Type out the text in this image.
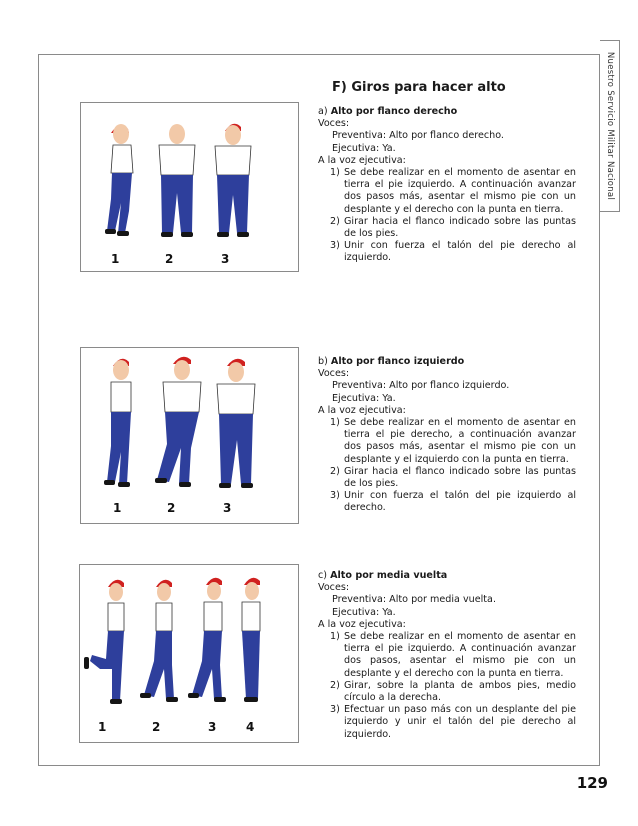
Nuestro Servicio Militar Nacional
F) Giros para hacer alto
1	2	3
a) Alto por flanco derecho
Voces:
Preventiva: Alto por flanco derecho.
Ejecutiva: Ya.
A la voz ejecutiva:
1) Se debe realizar en el momento de asentar en tierra el pie izquierdo. A continuación avanzar dos pasos más, asentar el mismo pie con un desplante y el derecho con la punta en tierra.
2) Girar hacia el flanco indicado sobre las puntas de los pies.
3) Unir con fuerza el talón del pie derecho al izquierdo.
1	2	3
b) Alto por flanco izquierdo
Voces:
Preventiva: Alto por flanco izquierdo.
Ejecutiva: Ya.
A la voz ejecutiva:
1) Se debe realizar en el momento de asentar en tierra el pie derecho, a continuación avanzar dos pasos más, asentar el mismo pie con un desplante y el izquierdo con la punta en tierra.
2) Girar hacia el flanco indicado sobre las puntas de los pies.
3) Unir con fuerza el talón del pie izquierdo al derecho.
1	2	3 4
c) Alto por media vuelta
Voces:
Preventiva: Alto por media vuelta.
Ejecutiva: Ya.
A la voz ejecutiva:
1) Se debe realizar en el momento de asentar en tierra el pie izquierdo. A continuación avanzar dos pasos, asentar el mismo pie con un desplante y el derecho con la punta en tierra.
2) Girar, sobre la planta de ambos pies, medio círculo a la derecha.
3) Efectuar un paso más con un desplante del pie izquierdo y unir el talón del pie derecho al izquierdo.
129
